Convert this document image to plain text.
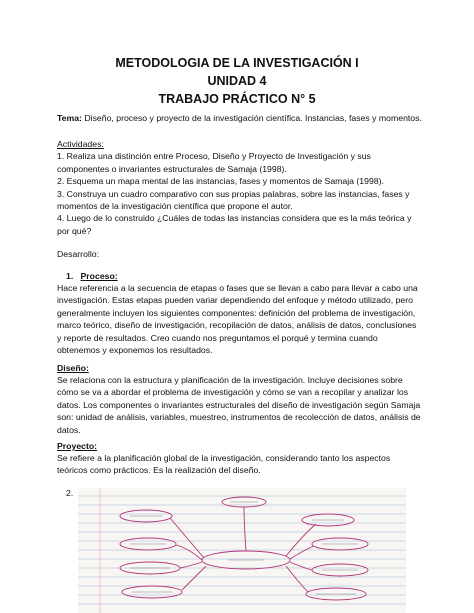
METODOLOGIA DE LA INVESTIGACIÓN I
UNIDAD 4
TRABAJO PRÁCTICO N° 5
Tema: Diseño, proceso y proyecto de la investigación científica. Instancias, fases y momentos.
Actividades:
1. Realiza una distinción entre Proceso, Diseño y Proyecto de Investigación y sus componentes o invariantes estructurales de Samaja (1998).
2. Esquema un mapa mental de las instancias, fases y momentos de Samaja (1998).
3. Construya un cuadro comparativo con sus propias palabras, sobre las instancias, fases y momentos de la investigación científica que propone el autor.
4. Luego de lo construido ¿Cuáles de todas las instancias considera que es la más teórica y por qué?
Desarrollo:
1. Proceso:
Hace referencia a la secuencia de etapas o fases que se llevan a cabo para llevar a cabo una investigación. Estas etapas pueden variar dependiendo del enfoque y método utilizado, pero generalmente incluyen los siguientes componentes: definición del problema de investigación, marco teórico, diseño de investigación, recopilación de datos, análisis de datos, conclusiones y reporte de resultados. Creo cuando nos preguntamos el porqué y termina cuando obtenemos y exponemos los resultados.
Diseño:
Se relaciona con la estructura y planificación de la investigación. Incluye decisiones sobre cómo se va a abordar el problema de investigación y cómo se van a recopilar y analizar los datos. Los componentes o invariantes estructurales del diseño de investigación según Samaja son: unidad de análisis, variables, muestreo, instrumentos de recolección de datos, análisis de datos.
Proyecto:
Se refiere a la planificación global de la investigación, considerando tanto los aspectos teóricos como prácticos. Es la realización del diseño.
2.
